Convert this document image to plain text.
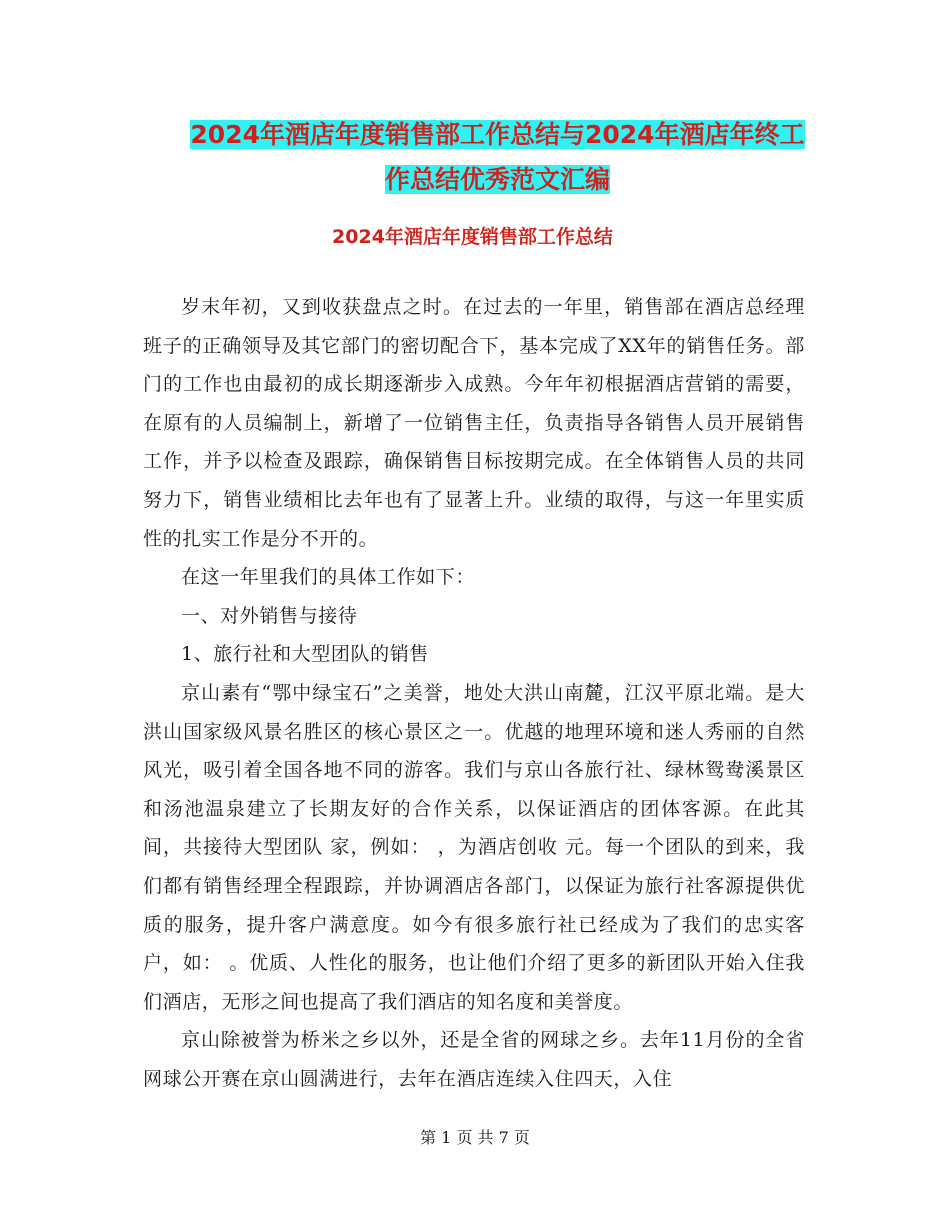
2024年酒店年度销售部工作总结与2024年酒店年终工
作总结优秀范文汇编
2024年酒店年度销售部工作总结

岁末年初，又到收获盘点之时。在过去的一年里，销售部在酒店总经理班子的正确领导及其它部门的密切配合下，基本完成了XX年的销售任务。部门的工作也由最初的成长期逐渐步入成熟。今年年初根据酒店营销的需要，在原有的人员编制上，新增了一位销售主任，负责指导各销售人员开展销售工作，并予以检查及跟踪，确保销售目标按期完成。在全体销售人员的共同努力下，销售业绩相比去年也有了显著上升。业绩的取得，与这一年里实质性的扎实工作是分不开的。

在这一年里我们的具体工作如下：

一、对外销售与接待

1、旅行社和大型团队的销售

京山素有“鄂中绿宝石”之美誉，地处大洪山南麓，江汉平原北端。是大洪山国家级风景名胜区的核心景区之一。优越的地理环境和迷人秀丽的自然风光，吸引着全国各地不同的游客。我们与京山各旅行社、绿林鸳鸯溪景区和汤池温泉建立了长期友好的合作关系，以保证酒店的团体客源。在此其间，共接待大型团队 家，例如： ，为酒店创收 元。每一个团队的到来，我们都有销售经理全程跟踪，并协调酒店各部门，以保证为旅行社客源提供优质的服务，提升客户满意度。如今有很多旅行社已经成为了我们的忠实客户，如： 。优质、人性化的服务，也让他们介绍了更多的新团队开始入住我们酒店，无形之间也提高了我们酒店的知名度和美誉度。

京山除被誉为桥米之乡以外，还是全省的网球之乡。去年11月份的全省网球公开赛在京山圆满进行，去年在酒店连续入住四天，入住

第 1 页 共 7 页
